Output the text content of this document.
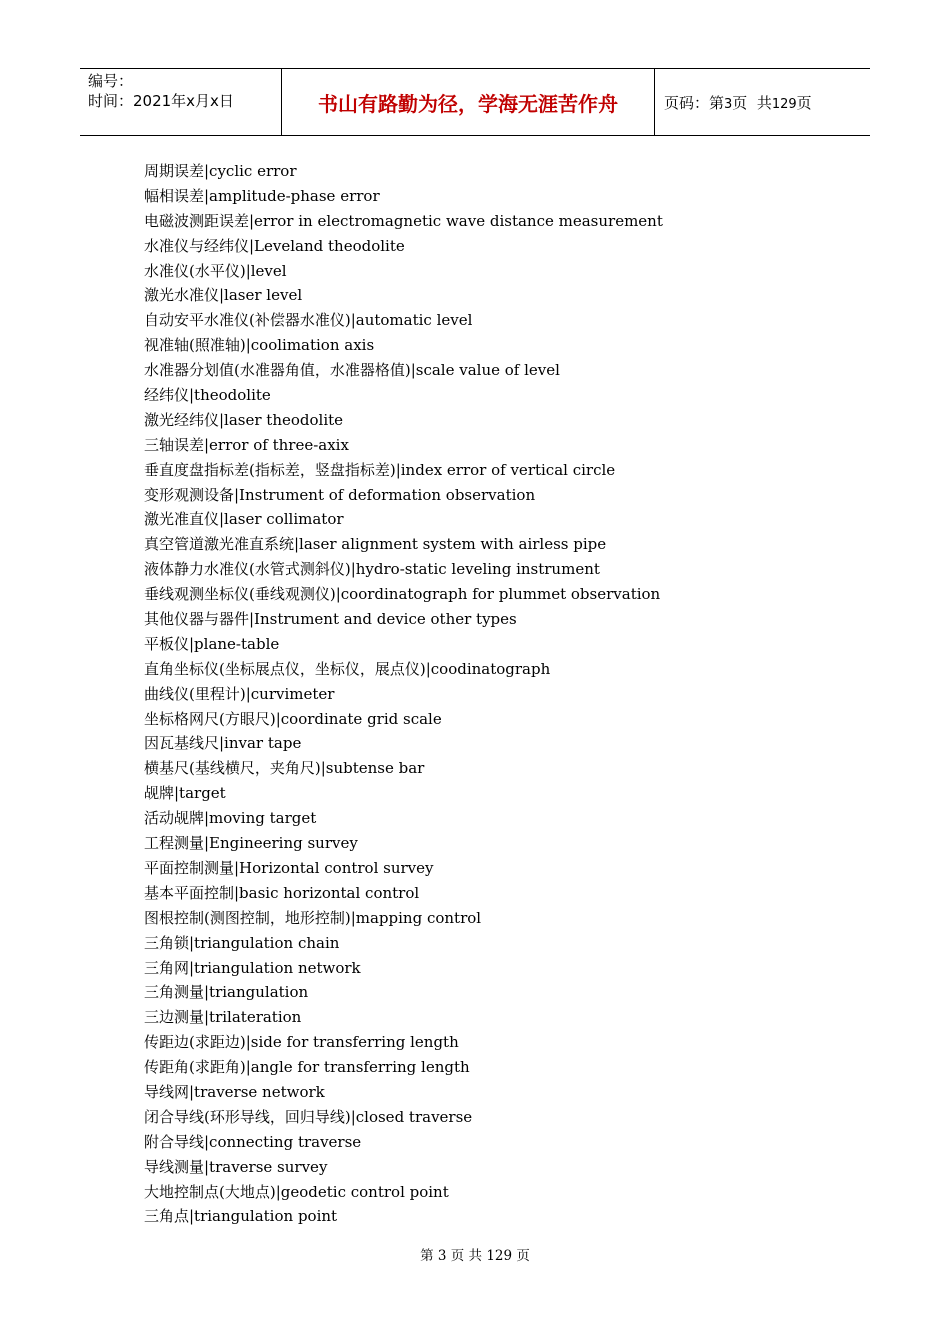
编号：
时间：2021年x月x日	书山有路勤为径，学海无涯苦作舟	页码：第3页  共129页
周期误差|cyclic error
幅相误差|amplitude-phase error
电磁波测距误差|error in electromagnetic wave distance measurement
水准仪与经纬仪|Leveland theodolite
水准仪(水平仪)|level
激光水准仪|laser level
自动安平水准仪(补偿器水准仪)|automatic level
视准轴(照准轴)|coolimation axis
水准器分划值(水准器角值，水准器格值)|scale value of level
经纬仪|theodolite
激光经纬仪|laser theodolite
三轴误差|error of three-axix
垂直度盘指标差(指标差，竖盘指标差)|index error of vertical circle
变形观测设备|Instrument of deformation observation
激光准直仪|laser collimator
真空管道激光准直系统|laser alignment system with airless pipe
液体静力水准仪(水管式测斜仪)|hydro-static leveling instrument
垂线观测坐标仪(垂线观测仪)|coordinatograph for plummet observation
其他仪器与器件|Instrument and device other types
平板仪|plane-table
直角坐标仪(坐标展点仪，坐标仪，展点仪)|coodinatograph
曲线仪(里程计)|curvimeter
坐标格网尺(方眼尺)|coordinate grid scale
因瓦基线尺|invar tape
横基尺(基线横尺，夹角尺)|subtense bar
觇牌|target
活动觇牌|moving target
工程测量|Engineering survey
平面控制测量|Horizontal control survey
基本平面控制|basic horizontal control
图根控制(测图控制，地形控制)|mapping control
三角锁|triangulation chain
三角网|triangulation network
三角测量|triangulation
三边测量|trilateration
传距边(求距边)|side for transferring length
传距角(求距角)|angle for transferring length
导线网|traverse network
闭合导线(环形导线，回归导线)|closed traverse
附合导线|connecting traverse
导线测量|traverse survey
大地控制点(大地点)|geodetic control point
三角点|triangulation point
第 3 页 共 129 页
